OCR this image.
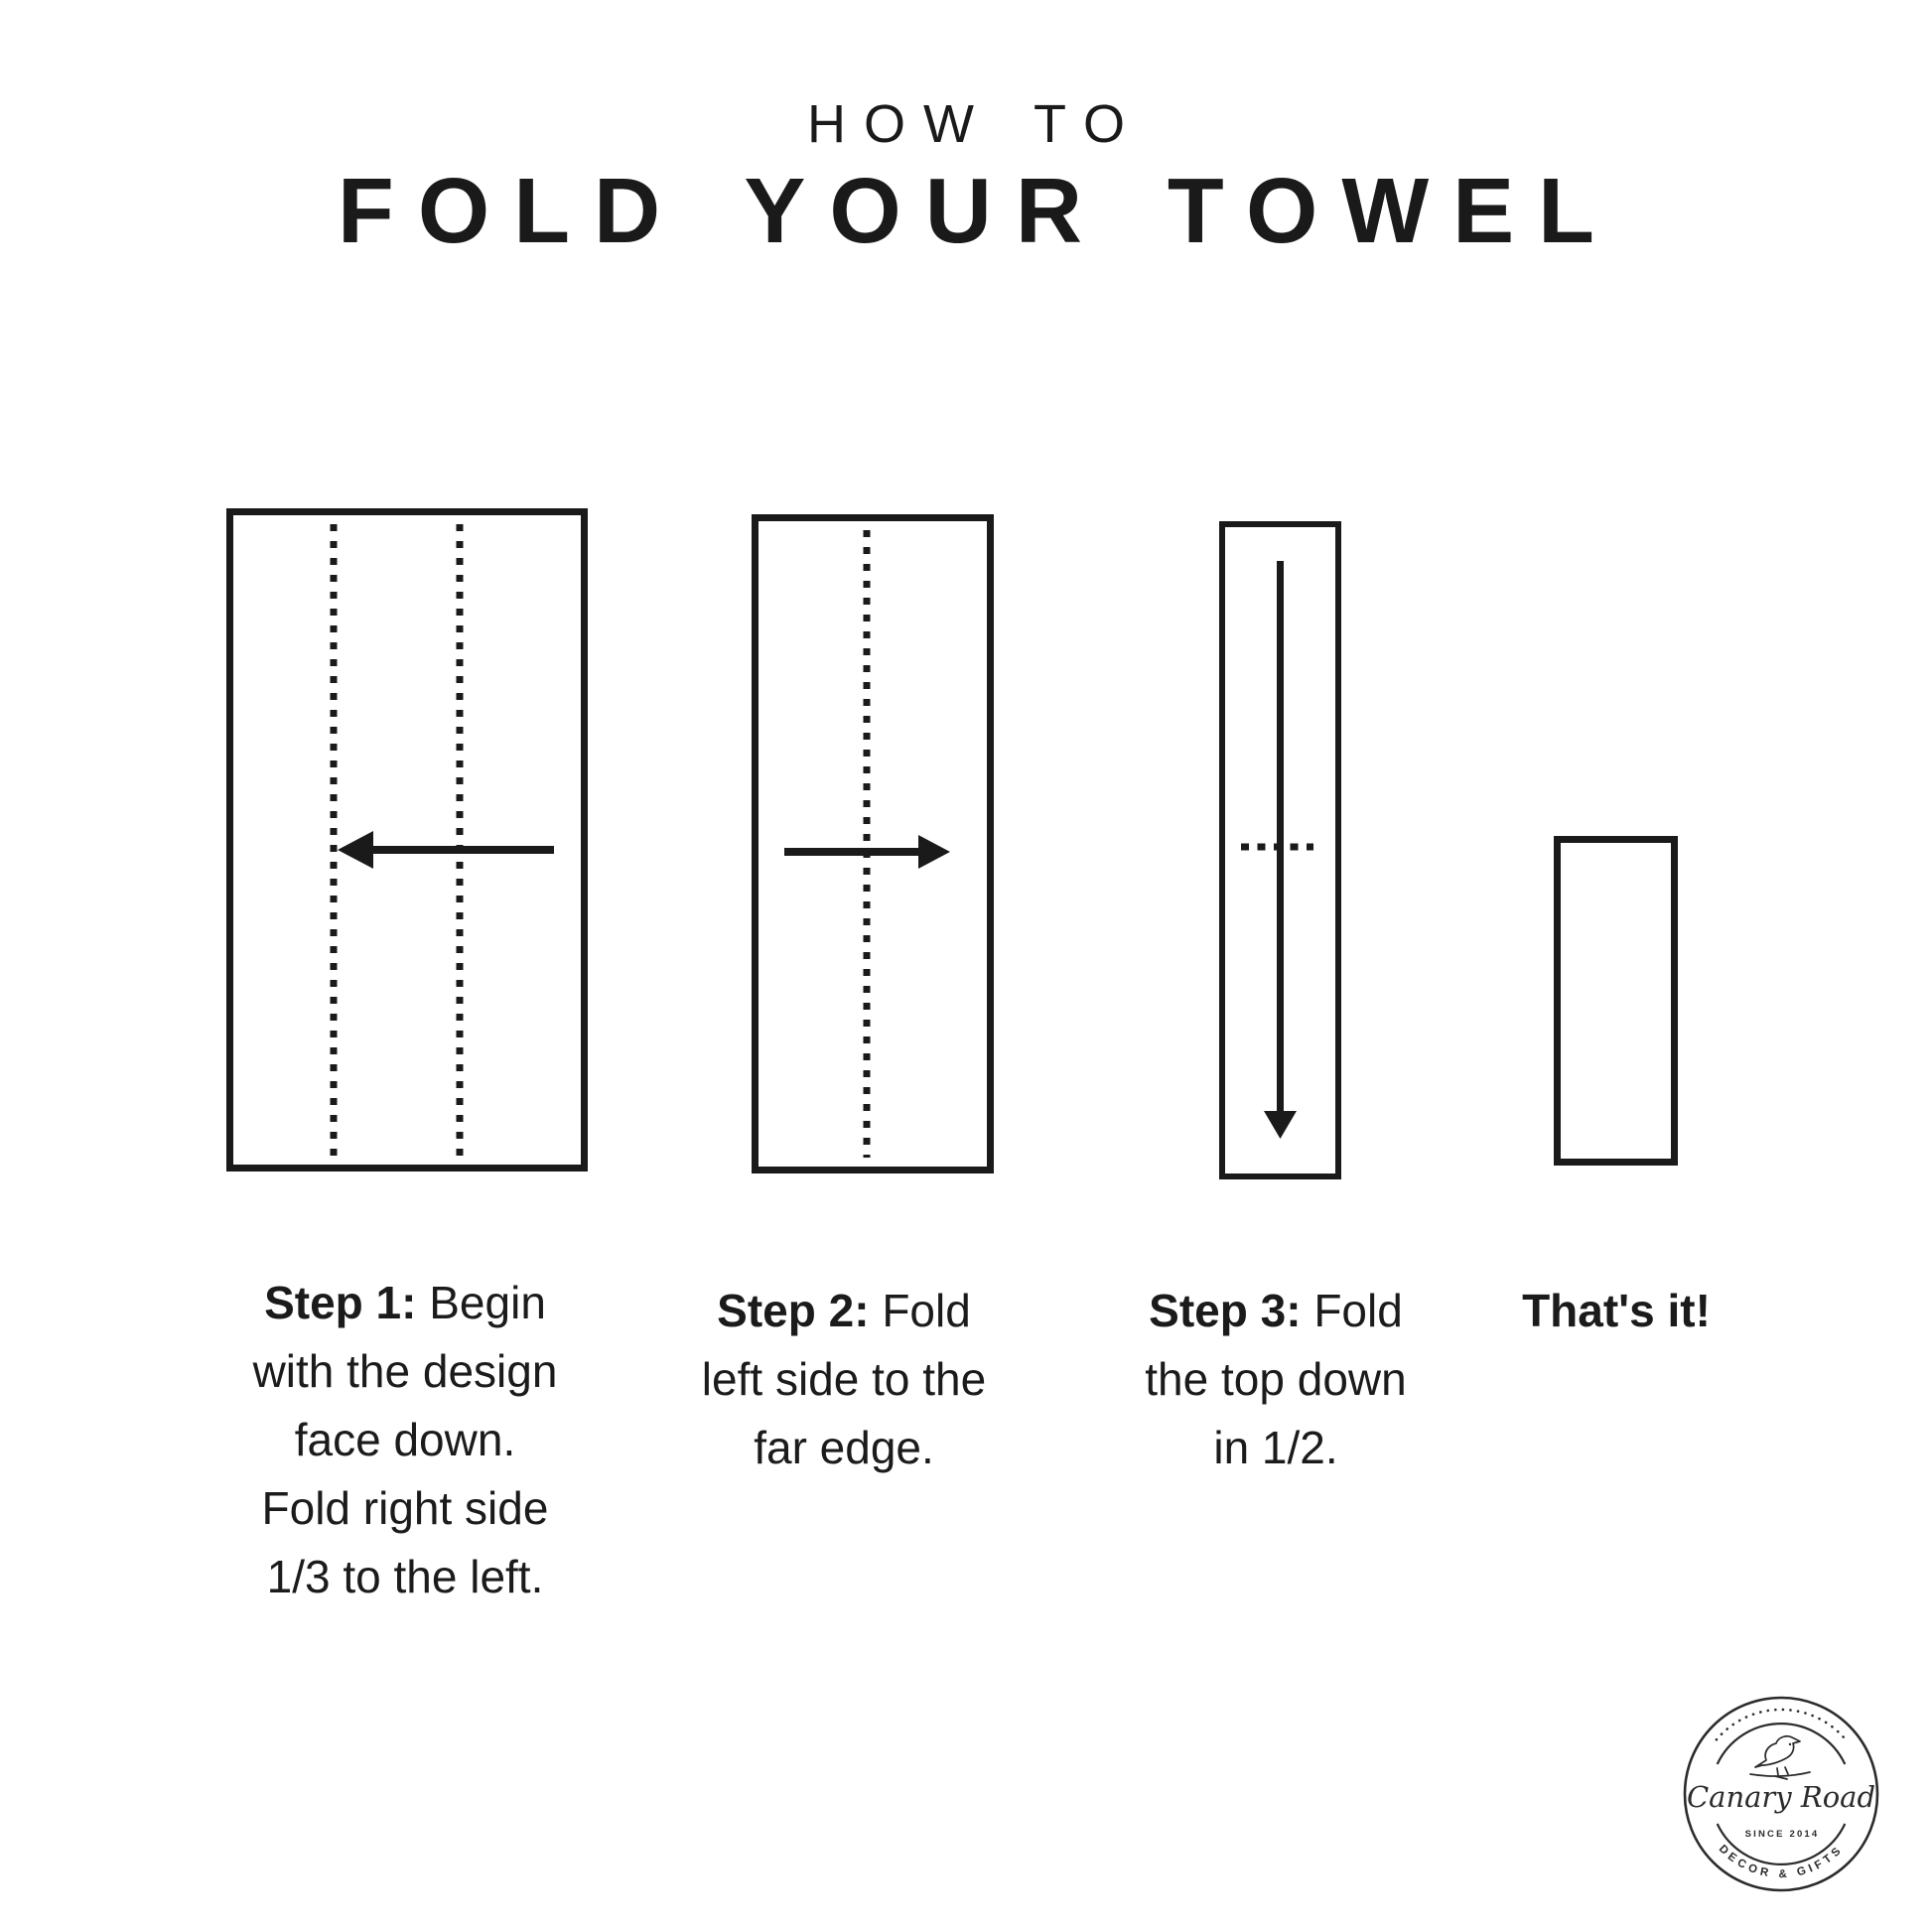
HOW TO
FOLD YOUR TOWEL
Step 1: Begin
with the design
face down.
Fold right side
1/3 to the left.
Step 2: Fold
left side to the
far edge.
Step 3: Fold
the top down
in 1/2.
That's it!
Canary Road
SINCE 2014
DECOR & GIFTS
